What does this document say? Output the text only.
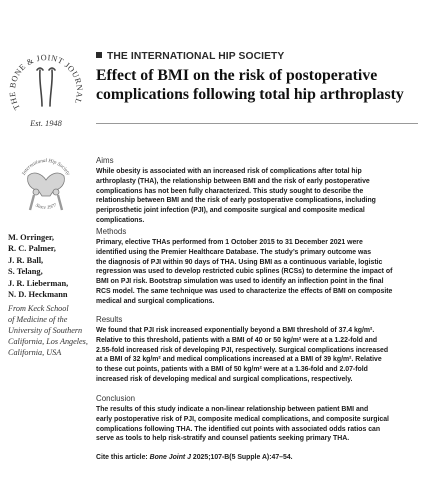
THE BONE & JOINT JOURNAL
Est. 1948
International Hip Society
Since 1977
M. Orringer,
R. C. Palmer,
J. R. Ball,
S. Telang,
J. R. Lieberman,
N. D. Heckmann
From Keck School
of Medicine of the
University of Southern
California, Los Angeles,
California, USA
THE INTERNATIONAL HIP SOCIETY
Effect of BMI on the risk of postoperative
complications following total hip arthroplasty
Aims

While obesity is associated with an increased risk of complications after total hip
arthroplasty (THA), the relationship between BMI and the risk of early postoperative
complications has not been fully characterized. This study sought to describe the
relationship between BMI and the risk of early postoperative complications, including
periprosthetic joint infection (PJI), and composite surgical and composite medical
complications.

Methods

Primary, elective THAs performed from 1 October 2015 to 31 December 2021 were
identified using the Premier Healthcare Database. The study’s primary outcome was
the diagnosis of PJI within 90 days of THA. Using BMI as a continuous variable, logistic
regression was used to develop restricted cubic splines (RCSs) to determine the impact of
BMI on PJI risk. Bootstrap simulation was used to identify an inflection point in the final
RCS model. The same technique was used to characterize the effects of BMI on composite
medical and surgical complications.

Results

We found that PJI risk increased exponentially beyond a BMI threshold of 37.4 kg/m².
Relative to this threshold, patients with a BMI of 40 or 50 kg/m² were at a 1.22-fold and
2.55-fold increased risk of developing PJI, respectively. Surgical complications increased
at a BMI of 32 kg/m² and medical complications increased at a BMI of 39 kg/m². Relative
to these cut points, patients with a BMI of 50 kg/m² were at a 1.36-fold and 2.07-fold
increased risk of developing medical and surgical complications, respectively.

Conclusion

The results of this study indicate a non-linear relationship between patient BMI and
early postoperative risk of PJI, composite medical complications, and composite surgical
complications following THA. The identified cut points with associated odds ratios can
serve as tools to help risk-stratify and counsel patients seeking primary THA.

Cite this article: Bone Joint J 2025;107-B(5 Supple A):47–54.
